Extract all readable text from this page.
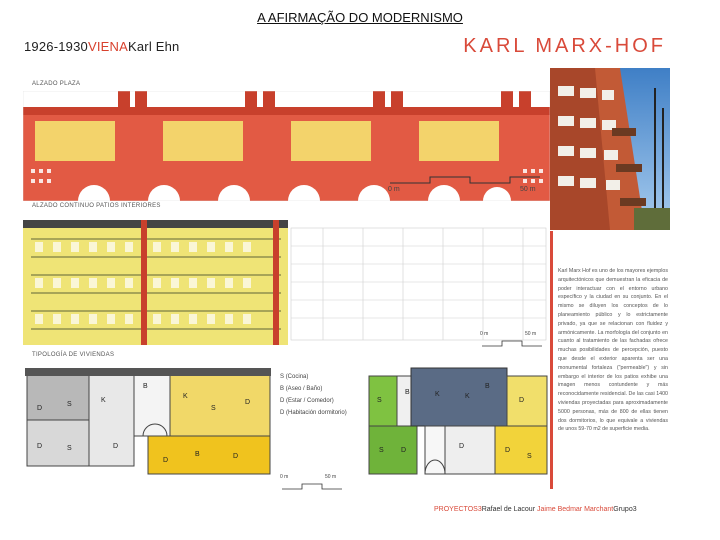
A AFIRMAÇÃO DO MODERNISMO
1926-1930VIENAKarl Ehn	KARL MARX-HOF
ALZADO PLAZA
0 m	50 m
ALZADO CONTINUO PATIOS INTERIORES
0 m	50 m
TIPOLOGÍA DE VIVIENDAS
D
S
K
B
K
S
D
D	S	D
D
B	D
S (Cocina)
B (Aseo / Baño)
D (Estar / Comedor)
D (Habitación dormitorio)
S
B	K	K
B
D
S D
D
D
S
0 m	50 m
Karl Marx Hof es uno de los mayores ejemplos arquitectónicos que demuestran la eficacia de poder interactuar con el entorno urbano específico y la ciudad en su conjunto. En el mismo se diluyen los conceptos de lo planeamiento público y lo estrictamente privado, ya que se relacionan con fluidez y armónicamente. La morfología del conjunto en cuanto al tratamiento de las fachadas ofrece muchas posibilidades de percepción, puesto que desde el exterior aparenta ser una monumental fortaleza ("permeable") y sin embargo el interior de los patios exhibe una imagen menos contundente y más reconocidamente residencial. De las casi 1400 viviendas proyectadas para aproximadamente 5000 personas, más de 800 de ellas tienen dos dormitorios, lo que equivale a viviendas de unos 59-70 m2 de superficie media.
PROYECTOS3Rafael de Lacour Jaime Bedmar MarchantGrupo3
